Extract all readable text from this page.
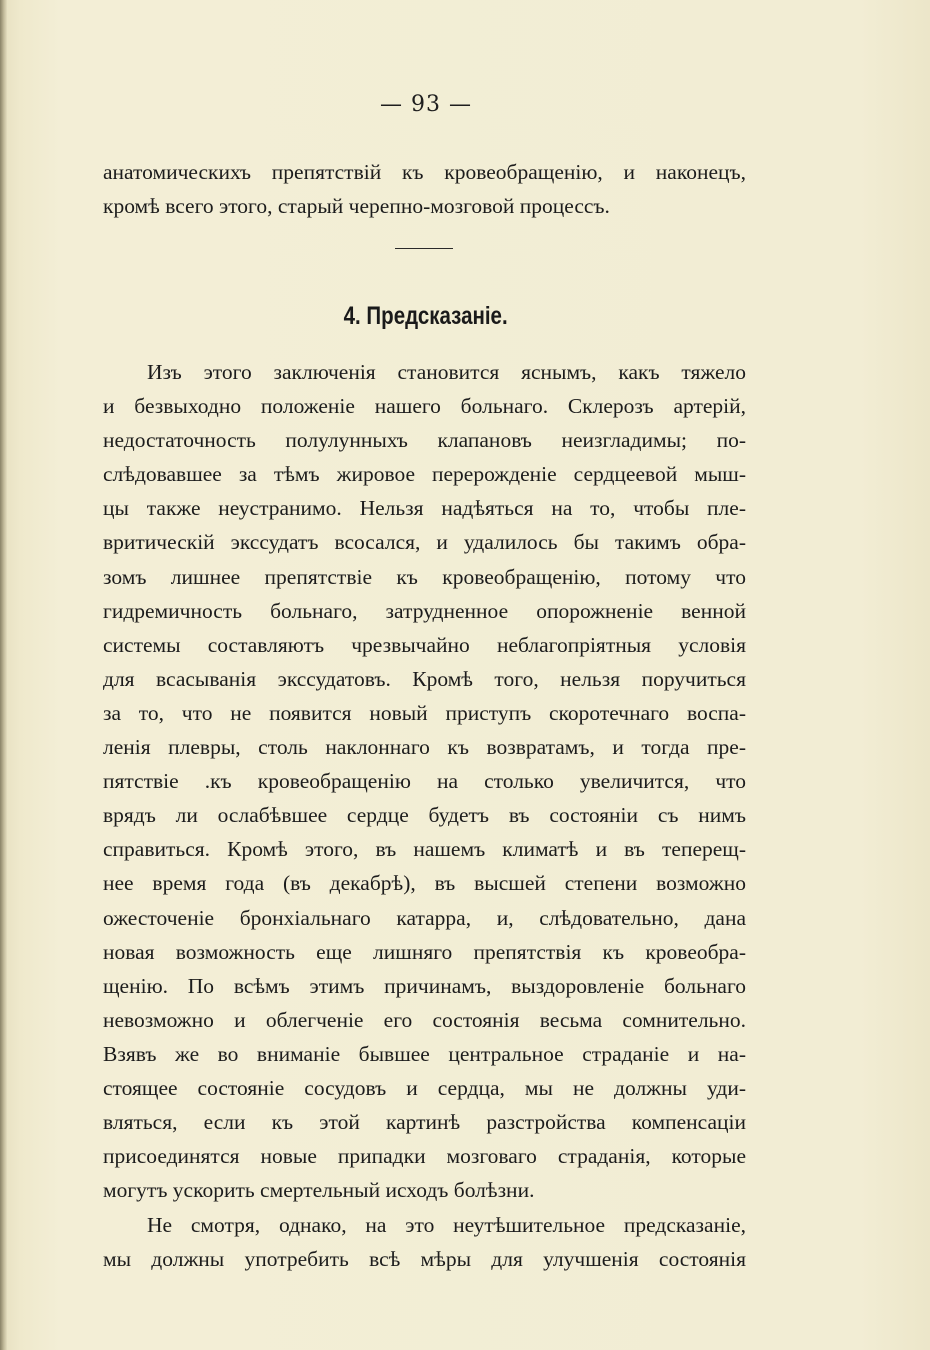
— 93 —
анатомическихъ препятствій къ кровеобращенію, и наконецъ,
кромѣ всего этого, старый черепно-мозговой процессъ.
4. Предсказаніе.
Изъ этого заключенія становится яснымъ, какъ тяжело
и безвыходно положеніе нашего больнаго. Склерозъ артерій,
недостаточность полулунныхъ клапановъ неизгладимы; по-
слѣдовавшее за тѣмъ жировое перерожденіе сердцеевой мыш-
цы также неустранимо. Нельзя надѣяться на то, чтобы пле-
вритическій экссудатъ всосался, и удалилось бы такимъ обра-
зомъ лишнее препятствіе къ кровеобращенію, потому что
гидремичность больнаго, затрудненное опорожненіе венной
системы составляютъ чрезвычайно неблагопріятныя условія
для всасыванія экссудатовъ. Кромѣ того, нельзя поручиться
за то, что не появится новый приступъ скоротечнаго воспа-
ленія плевры, столь наклоннаго къ возвратамъ, и тогда пре-
пятствіе .къ кровеобращенію на столько увеличится, что
врядъ ли ослабѣвшее сердце будетъ въ состояніи съ нимъ
справиться. Кромѣ этого, въ нашемъ климатѣ и въ теперещ-
нее время года (въ декабрѣ), въ высшей степени возможно
ожесточеніе бронхіальнаго катарра, и, слѣдовательно, дана
новая возможность еще лишняго препятствія къ кровеобра-
щенію. По всѣмъ этимъ причинамъ, выздоровленіе больнаго
невозможно и облегченіе его состоянія весьма сомнительно.
Взявъ же во вниманіе бывшее центральное страданіе и на-
стоящее состояніе сосудовъ и сердца, мы не должны уди-
вляться, если къ этой картинѣ разстройства компенсаціи
присоединятся новые припадки мозговаго страданія, которые
могутъ ускорить смертельный исходъ болѣзни.
Не смотря, однако, на это неутѣшительное предсказаніе,
мы должны употребить всѣ мѣры для улучшенія состоянія
